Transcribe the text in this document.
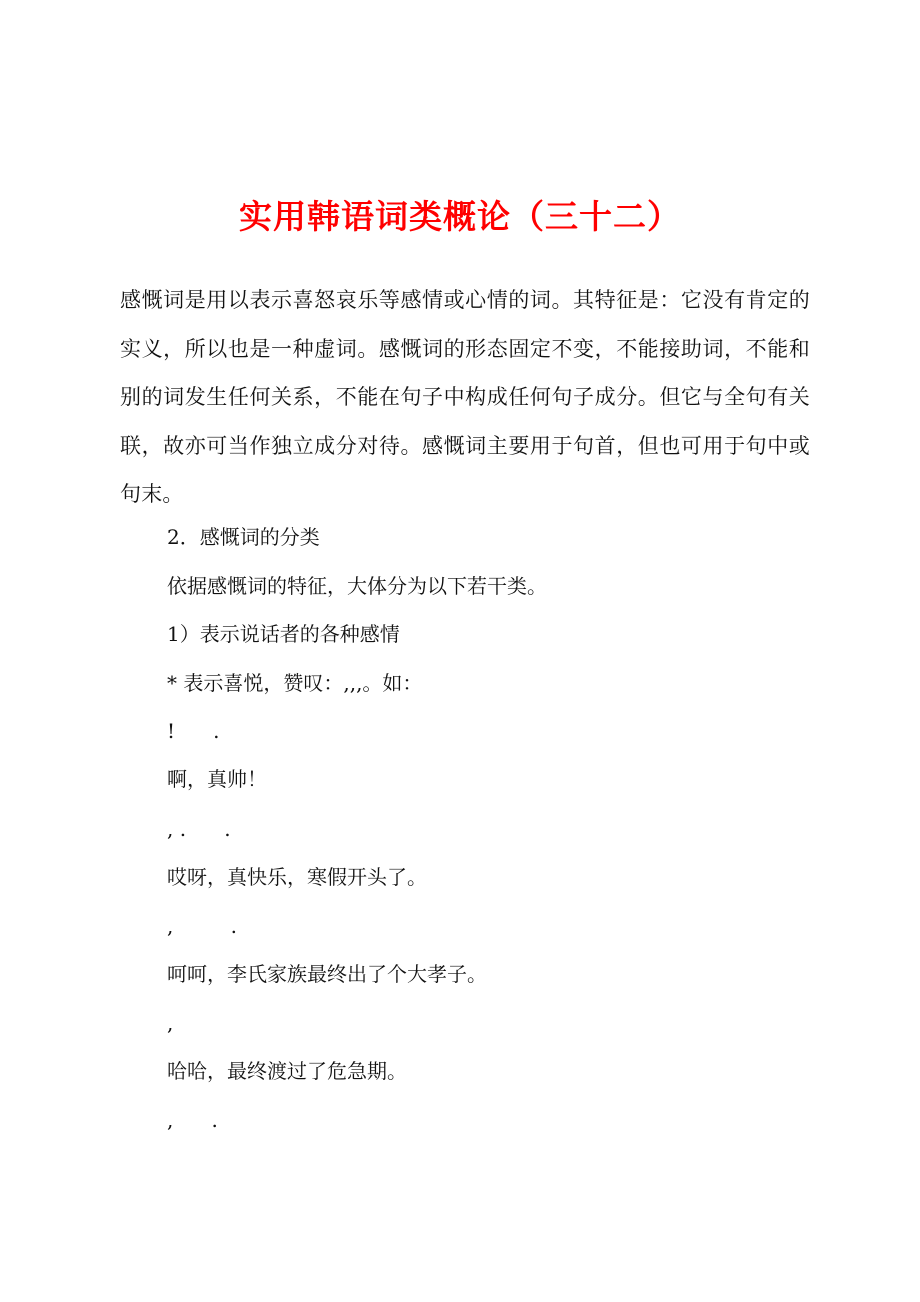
实用韩语词类概论（三十二）

感慨词是用以表示喜怒哀乐等感情或心情的词。其特征是：它没有肯定的实义，所以也是一种虚词。感慨词的形态固定不变，不能接助词，不能和别的词发生任何关系，不能在句子中构成任何句子成分。但它与全句有关联，故亦可当作独立成分对待。感慨词主要用于句首，但也可用于句中或句末。

2．感慨词的分类

依据感慨词的特征，大体分为以下若干类。

1）表示说话者的各种感情

* 表示喜悦，赞叹：,,,。如：

!      .

啊，真帅！

, .      .

哎呀，真快乐，寒假开头了。

,         .

呵呵，李氏家族最终出了个大孝子。

,

哈哈，最终渡过了危急期。

,      .
